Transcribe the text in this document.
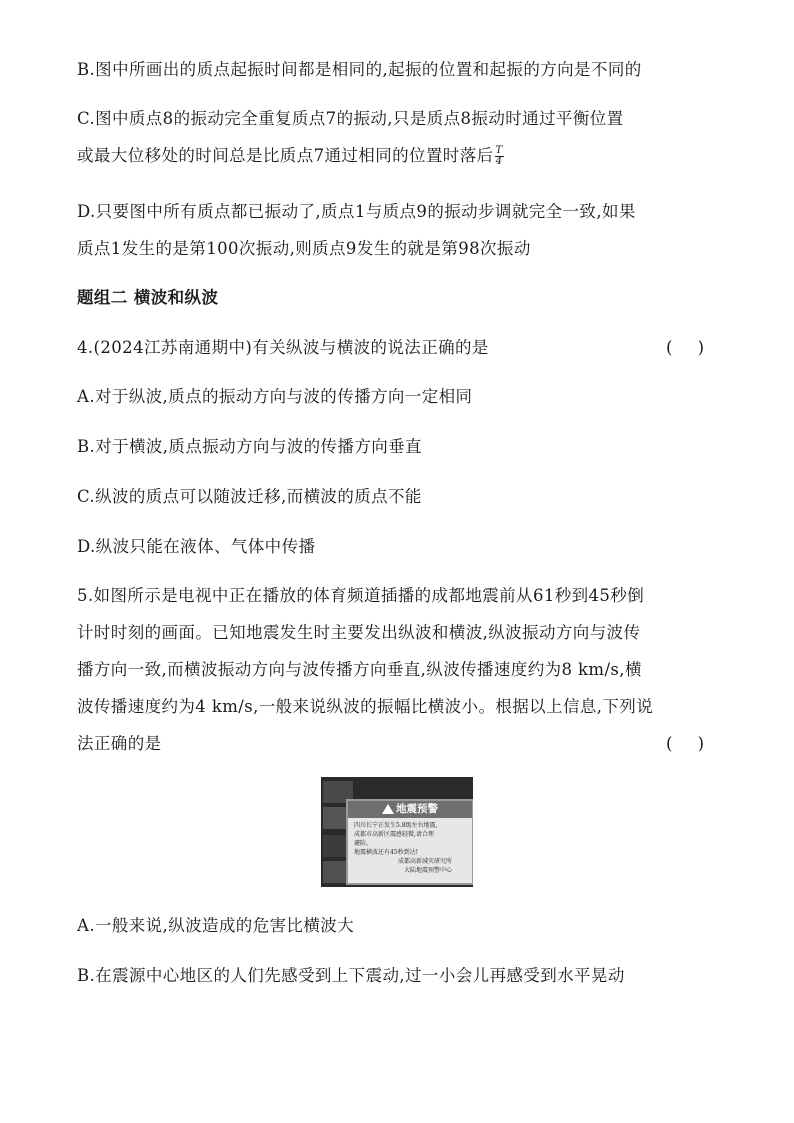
B.图中所画出的质点起振时间都是相同的,起振的位置和起振的方向是不同的
C.图中质点8的振动完全重复质点7的振动,只是质点8振动时通过平衡位置
或最大位移处的时间总是比质点7通过相同的位置时落后 $\frac{T}{4}$
D.只要图中所有质点都已振动了,质点1与质点9的振动步调就完全一致,如果
质点1发生的是第100次振动,则质点9发生的就是第98次振动
题组二 横波和纵波
4.(2024江苏南通期中)有关纵波与横波的说法正确的是	( )
A.对于纵波,质点的振动方向与波的传播方向一定相同
B.对于横波,质点振动方向与波的传播方向垂直
C.纵波的质点可以随波迁移,而横波的质点不能
D.纵波只能在液体、气体中传播
5.如图所示是电视中正在播放的体育频道插播的成都地震前从61秒到45秒倒
计时时刻的画面。已知地震发生时主要发出纵波和横波,纵波振动方向与波传
播方向一致,而横波振动方向与波传播方向垂直,纵波传播速度约为8 km/s,横
波传播速度约为4 km/s,一般来说纵波的振幅比横波小。根据以上信息,下列说
法正确的是	( )
地震预警
四川长宁正发生5.8级左右地震,
成都市高新区震感轻微,请合理
避险。
地震横波还有45秒到达!
成都高新减灾研究所
大陆地震预警中心
A.一般来说,纵波造成的危害比横波大
B.在震源中心地区的人们先感受到上下震动,过一小会儿再感受到水平晃动
